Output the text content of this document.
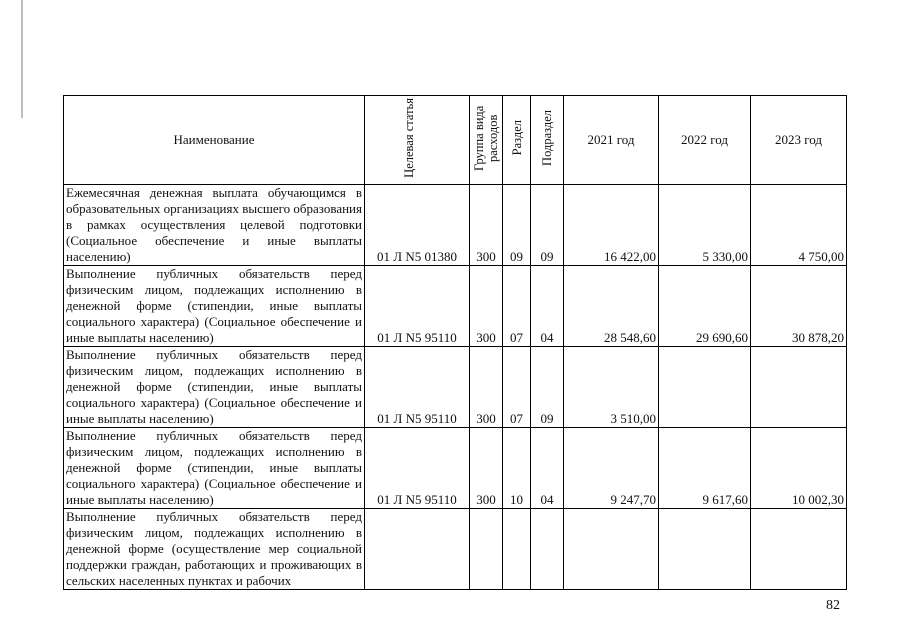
Наименование	Целевая статья	Группа вида расходов	Раздел	Подраздел	2021 год	2022 год	2023 год
Ежемесячная денежная выплата обучающимся в образовательных организациях высшего образования в рамках осуществления целевой подготовки (Социальное обеспечение и иные выплаты населению)	01 Л N5 01380	300	09	09	16 422,00	5 330,00	4 750,00
Выполнение публичных обязательств перед физическим лицом, подлежащих исполнению в денежной форме (стипендии, иные выплаты социального характера) (Социальное обеспечение и иные выплаты населению)	01 Л N5 95110	300	07	04	28 548,60	29 690,60	30 878,20
Выполнение публичных обязательств перед физическим лицом, подлежащих исполнению в денежной форме (стипендии, иные выплаты социального характера) (Социальное обеспечение и иные выплаты населению)	01 Л N5 95110	300	07	09	3 510,00		
Выполнение публичных обязательств перед физическим лицом, подлежащих исполнению в денежной форме (стипендии, иные выплаты социального характера) (Социальное обеспечение и иные выплаты населению)	01 Л N5 95110	300	10	04	9 247,70	9 617,60	10 002,30
Выполнение публичных обязательств перед физическим лицом, подлежащих исполнению в денежной форме (осуществление мер социальной поддержки граждан, работающих и проживающих в сельских населенных пунктах и рабочих							
82
